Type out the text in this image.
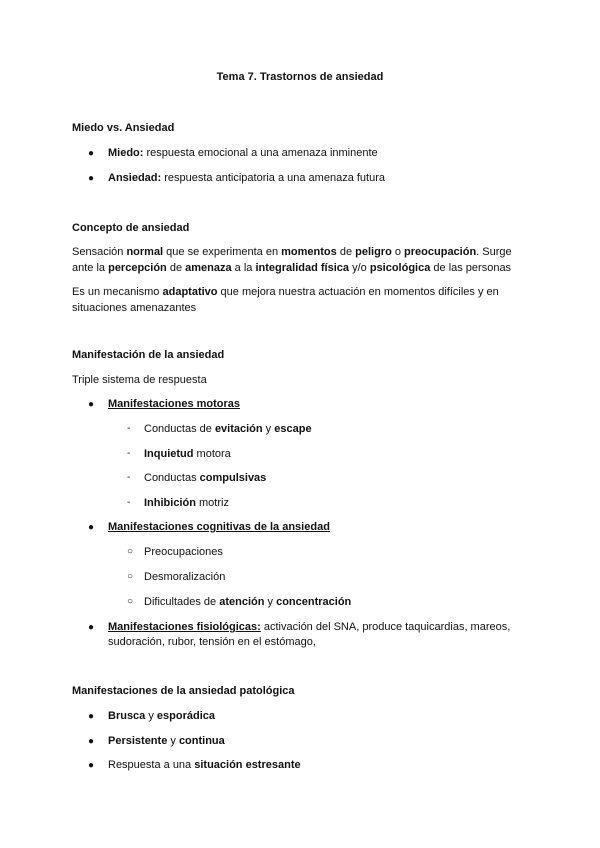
Tema 7. Trastornos de ansiedad
Miedo vs. Ansiedad
● Miedo: respuesta emocional a una amenaza inminente
● Ansiedad: respuesta anticipatoria a una amenaza futura
Concepto de ansiedad
Sensación normal que se experimenta en momentos de peligro o preocupación. Surge
ante la percepción de amenaza a la integralidad física y/o psicológica de las personas
Es un mecanismo adaptativo que mejora nuestra actuación en momentos difíciles y en
situaciones amenazantes
Manifestación de la ansiedad
Triple sistema de respuesta
● Manifestaciones motoras
- Conductas de evitación y escape
- Inquietud motora
- Conductas compulsivas
- Inhibición motriz
● Manifestaciones cognitivas de la ansiedad
○ Preocupaciones
○ Desmoralización
○ Dificultades de atención y concentración
● Manifestaciones fisiológicas: activación del SNA, produce taquicardias, mareos,
sudoración, rubor, tensión en el estómago,
Manifestaciones de la ansiedad patológica
● Brusca y esporádica
● Persistente y continua
● Respuesta a una situación estresante
